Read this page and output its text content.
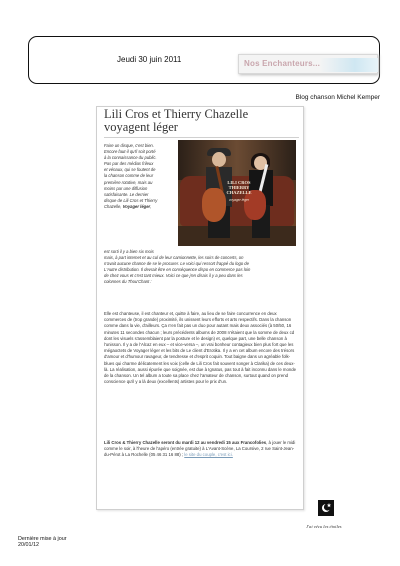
Jeudi 30 juin 2011	Nos Enchanteurs...
Blog chanson Michel Kemper
Lili Cros et Thierry Chazelle
voyagent léger
Faire un disque, c'est bien.
Encore faut-il qu'il soit porté
à la connaissance du public.
Pas par des médias frileux
et vénaux, qui se foutent de
la chanson comme de leur
première rotative, mais au
moins par une diffusion
satisfaisante. Le dernier
disque de Lili Cros et Thierry
Chazelle, Voyager léger,
LILI CROS
THIERRY
CHAZELLE
voyager léger
est sorti il y a bien six mois
mais, à part internet et au cul de leur camionnette, les soirs de concerts, on
n'avait aucune chance de se le procurer. Le voici qui ressort frappé du logo de
L'Autre distribution. Il devrait être en conséquence dispo en commerce pas loin
de chez vous et c'est tant mieux. Voici ce que j'en disais il y a peu dans les
colonnes du Thou'Chant :
Elle est chanteuse, il est chanteur et, quitte à faire, au lieu de se faire concurrence en deux commerces de (trop grande) proximité, ils unissent leurs efforts et arts respectifs. Dans la chanson comme dans la vie, d'ailleurs. Ça n'en fait pas un duo pour autant mais deux associés (à 50/50, 16 minutes 11 secondes chacun ; leurs précédents albums de 2008 n'étaient que la somme de deux cd dont les visuels s'assemblaient par la posture et le design) et, quelque part, une belle chanson à l'unisson. Il y a de l'Alcaz en eux – et vice-versa –, un vrai bonheur contagieux bien plus fort que les mégaoctets de Voyager léger et les bits de Le client d'Erotika. Il y a en cet album encore des trésors d'amour et d'humour ravageur, de tendresse et d'esprit coquin. Tout baigne dans un agréable folk-blues qui charme délicatement les voix (celle de Lili Cros fait souvent songer à Clarika) de ces deux-là. La réalisation, aussi épurée que soignée, est due à Ignatus, pas tout à fait inconnu dans le monde de la chanson. Un tel album a toute sa place chez l'amateur de chanson, surtout quand on prend conscience qu'il y a là deux (excellents) artistes pour le prix d'un.
Lili Cros & Thierry Chazelle seront du mardi 12 au vendredi 15 aux Francofolies, à jouer le midi comme le soir, à l'heure de l'apéro (entrée gratuite) à L'Avant-Scène, La Coursive, 2 rue Saint-Jean-du-Pérot à La Rochelle (05 46 31 16 88) ; le site du couple, c'est ici.
Dernière mise à jour
20/01/12
J'ai vécu les étoiles
